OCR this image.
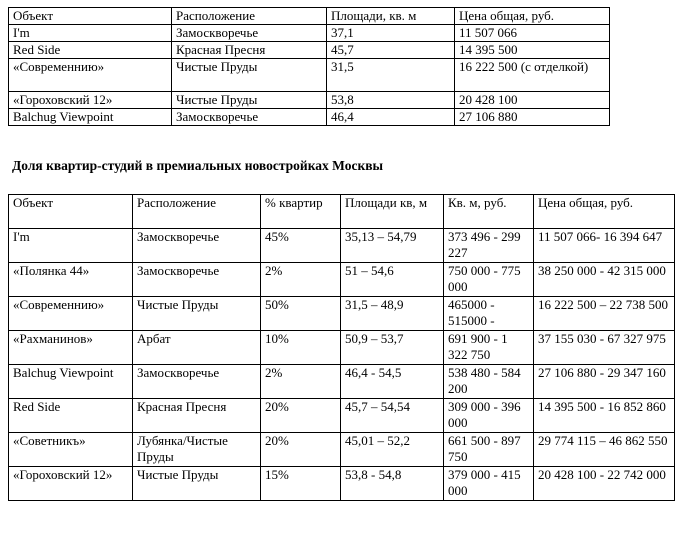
Объект	Расположение	Площади, кв. м	Цена общая, руб.
I'm	Замоскворечье	37,1	11 507 066
Red Side	Красная Пресня	45,7	14 395 500
«Современнию»	Чистые Пруды	31,5	16 222 500 (с отделкой)
«Гороховский 12»	Чистые Пруды	53,8	20 428 100
Balchug Viewpoint	Замоскворечье	46,4	27 106 880
Доля квартир-студий в премиальных новостройках Москвы
Объект	Расположение	% квартир	Площади кв, м	Кв. м, руб.	Цена общая, руб.
I'm	Замоскворечье	45%	35,13 – 54,79	373 496 - 299 227	11 507 066- 16 394 647
«Полянка 44»	Замоскворечье	2%	51 – 54,6	750 000 - 775 000	38 250 000 - 42 315 000
«Современнию»	Чистые Пруды	50%	31,5 – 48,9	465000 - 515000 -	16 222 500 – 22 738 500
«Рахманинов»	Арбат	10%	50,9 – 53,7	691 900 - 1 322 750	37 155 030 - 67 327 975
Balchug Viewpoint	Замоскворечье	2%	46,4 - 54,5	538 480 - 584 200	27 106 880 - 29 347 160
Red Side	Красная Пресня	20%	45,7 – 54,54	309 000 - 396 000	14 395 500 - 16 852 860
«Советникъ»	Лубянка/Чистые Пруды	20%	45,01 – 52,2	661 500 - 897 750	29 774 115 – 46 862 550
«Гороховский 12»	Чистые Пруды	15%	53,8 - 54,8	379 000 - 415 000	20 428 100 - 22 742 000
